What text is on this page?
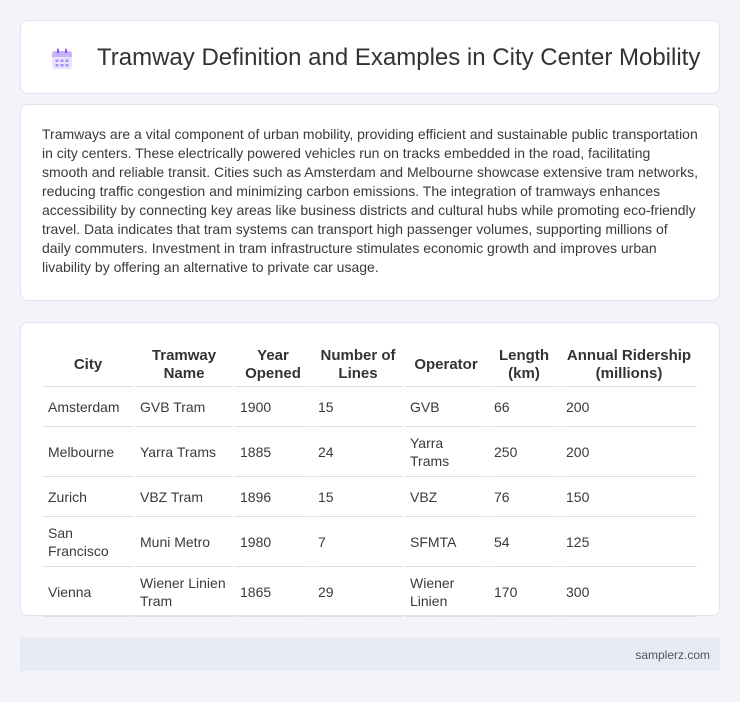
Tramway Definition and Examples in City Center Mobility

Tramways are a vital component of urban mobility, providing efficient and sustainable public transportation in city centers. These electrically powered vehicles run on tracks embedded in the road, facilitating smooth and reliable transit. Cities such as Amsterdam and Melbourne showcase extensive tram networks, reducing traffic congestion and minimizing carbon emissions. The integration of tramways enhances accessibility by connecting key areas like business districts and cultural hubs while promoting eco-friendly travel. Data indicates that tram systems can transport high passenger volumes, supporting millions of daily commuters. Investment in tram infrastructure stimulates economic growth and improves urban livability by offering an alternative to private car usage.

City	Tramway Name	Year Opened	Number of Lines	Operator	Length (km)	Annual Ridership (millions)
Amsterdam	GVB Tram	1900	15	GVB	66	200
Melbourne	Yarra Trams	1885	24	Yarra Trams	250	200
Zurich	VBZ Tram	1896	15	VBZ	76	150
San Francisco	Muni Metro	1980	7	SFMTA	54	125
Vienna	Wiener Linien Tram	1865	29	Wiener Linien	170	300
samplerz.com
